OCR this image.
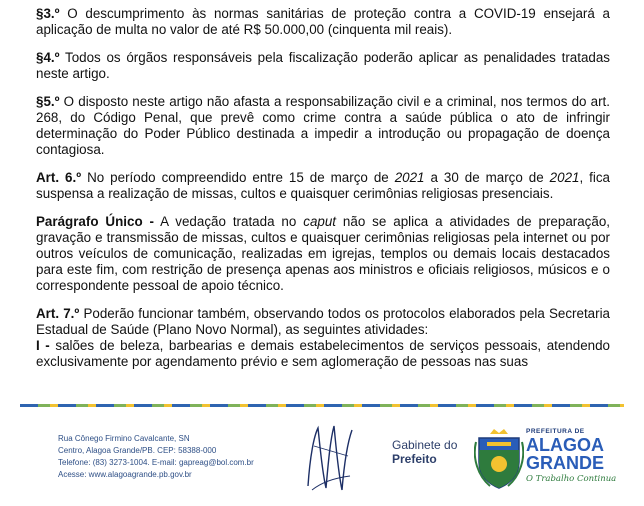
§3.º O descumprimento às normas sanitárias de proteção contra a COVID-19 ensejará a aplicação de multa no valor de até R$ 50.000,00 (cinquenta mil reais).

§4.º Todos os órgãos responsáveis pela fiscalização poderão aplicar as penalidades tratadas neste artigo.

§5.º O disposto neste artigo não afasta a responsabilização civil e a criminal, nos termos do art. 268, do Código Penal, que prevê como crime contra a saúde pública o ato de infringir determinação do Poder Público destinada a impedir a introdução ou propagação de doença contagiosa.

Art. 6.º No período compreendido entre 15 de março de 2021 a 30 de março de 2021, fica suspensa a realização de missas, cultos e quaisquer cerimônias religiosas presenciais.

Parágrafo Único - A vedação tratada no caput não se aplica a atividades de preparação, gravação e transmissão de missas, cultos e quaisquer cerimônias religiosas pela internet ou por outros veículos de comunicação, realizadas em igrejas, templos ou demais locais destacados para este fim, com restrição de presença apenas aos ministros e oficiais religiosos, músicos e o correspondente pessoal de apoio técnico.

Art. 7.º Poderão funcionar também, observando todos os protocolos elaborados pela Secretaria Estadual de Saúde (Plano Novo Normal), as seguintes atividades:

I - salões de beleza, barbearias e demais estabelecimentos de serviços pessoais, atendendo exclusivamente por agendamento prévio e sem aglomeração de pessoas nas suas

Rua Cônego Firmino Cavalcante, SN
Centro, Alagoa Grande/PB. CEP: 58388-000
Telefone: (83) 3273-1004. E-mail: gapreag@bol.com.br
Acesse: www.alagoagrande.pb.gov.br
Gabinete do
Prefeito
PREFEITURA DE
ALAGOA
GRANDE
O Trabalho Continua
